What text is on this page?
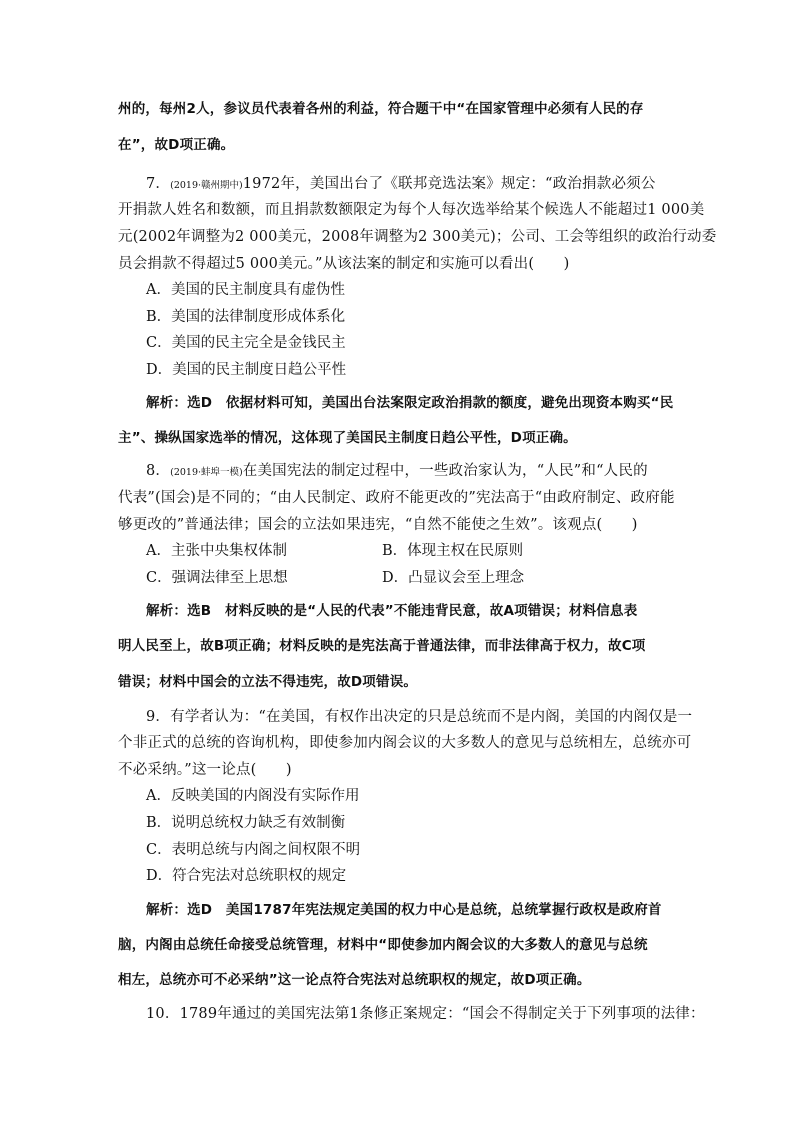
州的，每州2人，参议员代表着各州的利益，符合题干中“在国家管理中必须有人民的存
在”，故D项正确。
7．(2019·赣州期中)1972年，美国出台了《联邦竞选法案》规定：“政治捐款必须公
开捐款人姓名和数额，而且捐款数额限定为每个人每次选举给某个候选人不能超过1 000美
元(2002年调整为2 000美元，2008年调整为2 300美元)；公司、工会等组织的政治行动委
员会捐款不得超过5 000美元。”从该法案的制定和实施可以看出(　　)
A．美国的民主制度具有虚伪性
B．美国的法律制度形成体系化
C．美国的民主完全是金钱民主
D．美国的民主制度日趋公平性
解析：选D　依据材料可知，美国出台法案限定政治捐款的额度，避免出现资本购买“民
主”、操纵国家选举的情况，这体现了美国民主制度日趋公平性，D项正确。
8．(2019·蚌埠一模)在美国宪法的制定过程中，一些政治家认为，“人民”和“人民的
代表”(国会)是不同的；“由人民制定、政府不能更改的”宪法高于“由政府制定、政府能
够更改的”普通法律；国会的立法如果违宪，“自然不能使之生效”。该观点(　　)
A．主张中央集权体制	B．体现主权在民原则
C．强调法律至上思想	D．凸显议会至上理念
解析：选B　材料反映的是“人民的代表”不能违背民意，故A项错误；材料信息表
明人民至上，故B项正确；材料反映的是宪法高于普通法律，而非法律高于权力，故C项
错误；材料中国会的立法不得违宪，故D项错误。
9．有学者认为：“在美国，有权作出决定的只是总统而不是内阁，美国的内阁仅是一
个非正式的总统的咨询机构，即使参加内阁会议的大多数人的意见与总统相左，总统亦可
不必采纳。”这一论点(　　)
A．反映美国的内阁没有实际作用
B．说明总统权力缺乏有效制衡
C．表明总统与内阁之间权限不明
D．符合宪法对总统职权的规定
解析：选D　美国1787年宪法规定美国的权力中心是总统，总统掌握行政权是政府首
脑，内阁由总统任命接受总统管理，材料中“即使参加内阁会议的大多数人的意见与总统
相左，总统亦可不必采纳”这一论点符合宪法对总统职权的规定，故D项正确。
10．1789年通过的美国宪法第1条修正案规定：“国会不得制定关于下列事项的法律：
